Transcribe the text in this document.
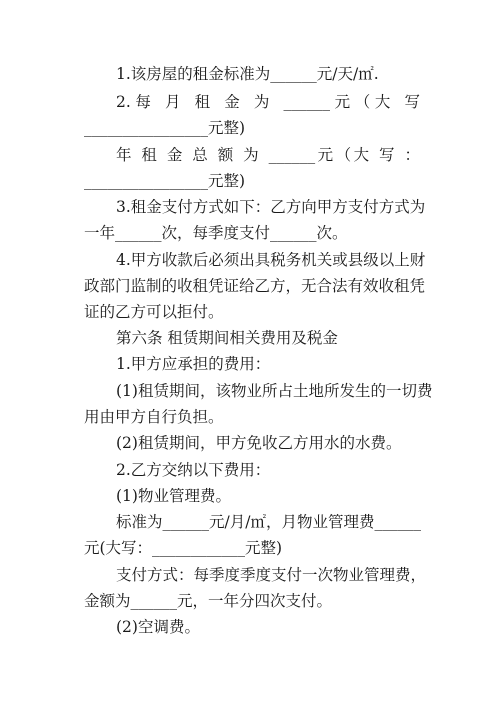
1.该房屋的租金标准为______元/天/㎡.
2.每 月 租 金 为 ______元（大 写
________________元整)
年 租 金 总 额 为 ______元（大 写 ：
________________元整)
3.租金支付方式如下：乙方向甲方支付方式为
一年______次，每季度支付______次。
4.甲方收款后必须出具税务机关或县级以上财
政部门监制的收租凭证给乙方，无合法有效收租凭
证的乙方可以拒付。
第六条 租赁期间相关费用及税金
1.甲方应承担的费用：
(1)租赁期间，该物业所占土地所发生的一切费
用由甲方自行负担。
(2)租赁期间，甲方免收乙方用水的水费。
2.乙方交纳以下费用：
(1)物业管理费。
标准为______元/月/㎡，月物业管理费______
元(大写：____________元整)
支付方式：每季度季度支付一次物业管理费，
金额为______元，一年分四次支付。
(2)空调费。
